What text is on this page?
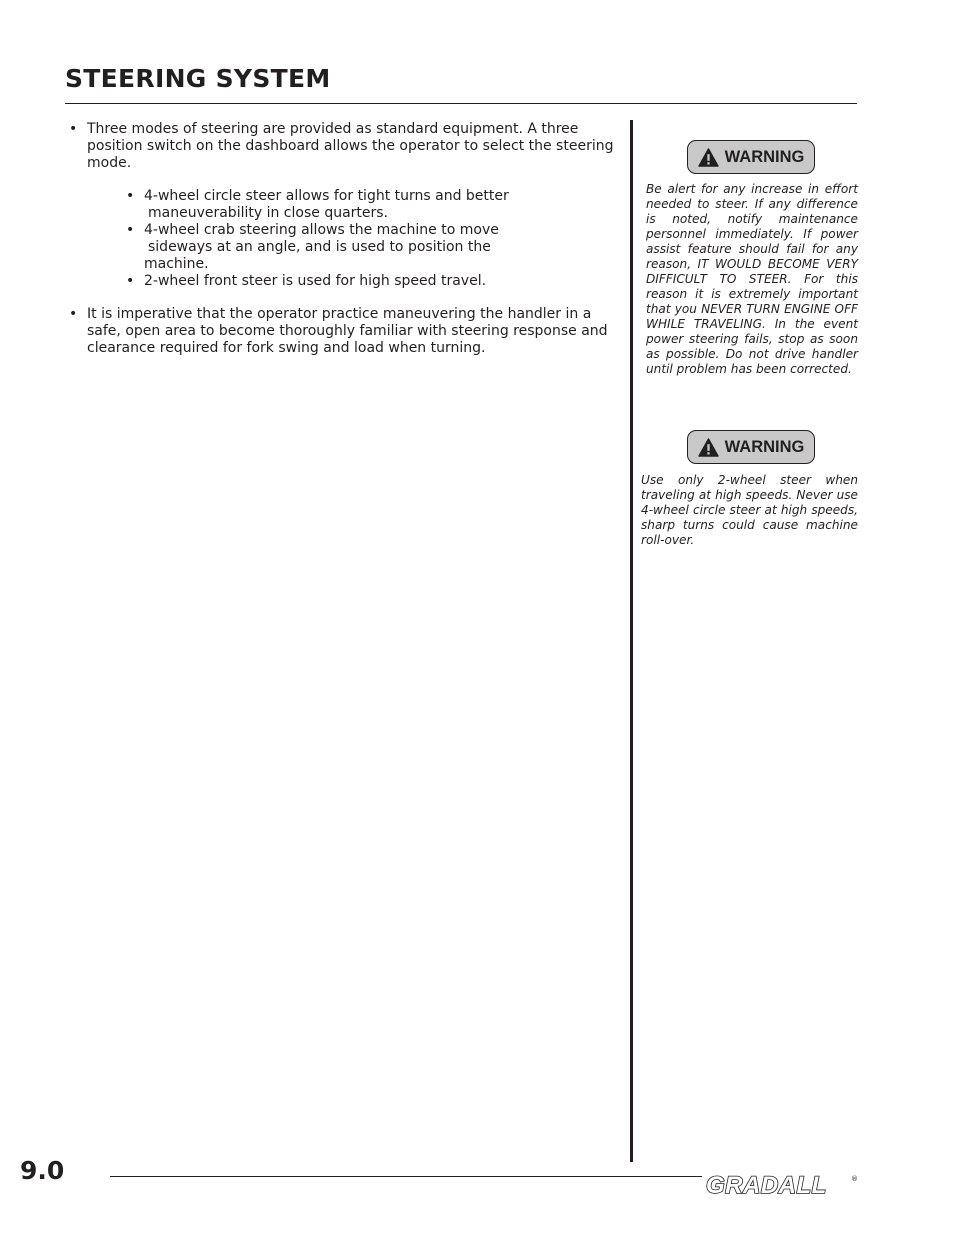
STEERING SYSTEM
• Three modes of steering are provided as standard equipment. A three position switch on the dashboard allows the operator to select the steering mode.
• 4-wheel circle steer allows for tight turns and better
maneuverability in close quarters.
• 4-wheel crab steering allows the machine to move
sideways at an angle, and is used to position the machine.
• 2-wheel front steer is used for high speed travel.
• It is imperative that the operator practice maneuvering the handler in a safe, open area to become thoroughly familiar with steering response and clearance required for fork swing and load when turning.
WARNING
Be alert for any increase in effort needed to steer. If any difference is noted, notify maintenance personnel immediately. If power assist feature should fail for any reason, IT WOULD BECOME VERY DIFFICULT TO STEER. For this reason it is extremely important that you NEVER TURN ENGINE OFF WHILE TRAVELING. In the event power steering fails, stop as soon as possible. Do not drive handler until problem has been corrected.
WARNING
Use only 2-wheel steer when traveling at high speeds. Never use 4-wheel circle steer at high speeds, sharp turns could cause machine roll-over.
9.0
GRADALL	®
